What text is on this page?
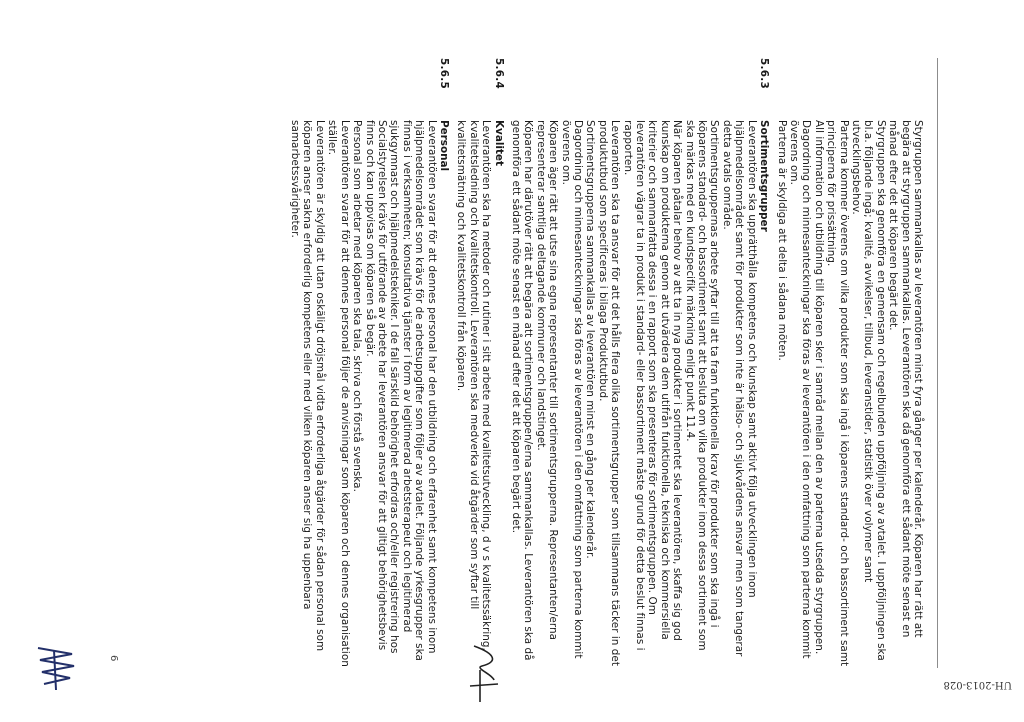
UH-2013-028

Styrgruppen sammankallas av leverantören minst fyra gånger per kalenderår. Köparen har rätt att begära att styrgruppen sammankallas. Leverantören ska då genomföra ett sådant möte senast en månad efter det att köparen begärt det.

Styrgruppen ska genomföra en gemensam och regelbunden uppföljning av avtalet. I uppföljningen ska bl.a. följande ingå; kvalité, avvikelser, tillbud, leveranstider, statistik över volymer samt utvecklingsbehov.

Parterna kommer överens om vilka produkter som ska ingå i köparens standard- och bassortiment samt principerna för prissättning.

All information och utbildning till köparen sker i samråd mellan den av parterna utsedda styrgruppen.

Dagordning och minnesanteckningar ska föras av leverantören i den omfattning som parterna kommit överens om.

Parterna är skyldiga att delta i sådana möten.

5.6.3
Sortimentsgrupper

Leverantören ska upprätthålla kompetens och kunskap samt aktivt följa utvecklingen inom hjälpmedelsområdet samt för produkter som inte är hälso- och sjukvårdens ansvar men som tangerar detta avtals område.

Sortimentsgruppernas arbete syftar till att ta fram funktionella krav för produkter som ska ingå i köparens standard- och bassortiment samt att besluta om vilka produkter inom dessa sortiment som ska märkas med en kundspecifik märkning enligt punkt 11.4.

När köparen påtalar behov av att ta in nya produkter i sortimentet ska leverantören, skaffa sig god kunskap om produkterna genom att utvärdera dem utifrån funktionella, tekniska och kommersiella kriterier och sammanfatta dessa i en rapport som ska presenteras för sortimentsgruppen. Om leverantören vägrar ta in produkt i standard- eller bassortiment måste grund för detta beslut finnas i rapporten.

Leverantören ska ta ansvar för att det hålls flera olika sortimentsgrupper som tillsammans täcker in det produktutbud som specificeras i bilaga Produktutbud.

Sortimentsgrupperna sammankallas av leverantören minst en gång per kalenderår.

Dagordning och minnesanteckningar ska föras av leverantören i den omfattning som parterna kommit överens om.

Köparen äger rätt att utse sina egna representanter till sortimentsgrupperna. Representanten/erna representerar samtliga deltagande kommuner och landstinget.

Köparen har därutöver rätt att begära att sortimentsgruppen/erna sammankallas. Leverantören ska då genomföra ett sådant möte senast en månad efter det att köparen begärt det.

5.6.4
Kvalitet

Leverantören ska ha metoder och rutiner i sitt arbete med kvalitetsutveckling, d v s kvalitetssäkring, kvalitetsledning och kvalitetskontroll. Leverantören ska medverka vid åtgärder som syftar till kvalitetsmätning och kvalitetskontroll från köparen.

5.6.5
Personal

Leverantören svarar för att dennes personal har den utbildning och erfarenhet samt kompetens inom hjälpmedelsområdet som krävs för de arbetsuppgifter som följer av avtalet. Följande yrkesgrupper ska finnas i verksamheten; konsultativa tjänster i form av legitimerad arbetsterapeut och legitimerad sjukgymnast och hjälpmedelstekniker. I de fall särskild behörighet erfordras och/eller registrering hos Socialstyrelsen krävs för utförande av arbete har leverantören ansvar för att giltigt behörighetsbevis finns och kan uppvisas om köparen så begär.

Personal som arbetar med köparen ska tala, skriva och förstå svenska.

Leverantören svarar för att dennes personal följer de anvisningar som köparen och dennes organisation ställer.

Leverantören är skyldig att utan oskäligt dröjsmål vidta erforderliga åtgärder för sådan personal som köparen anser sakna erforderlig kompetens eller med vilken köparen anser sig ha uppenbara samarbetssvårigheter.

6
